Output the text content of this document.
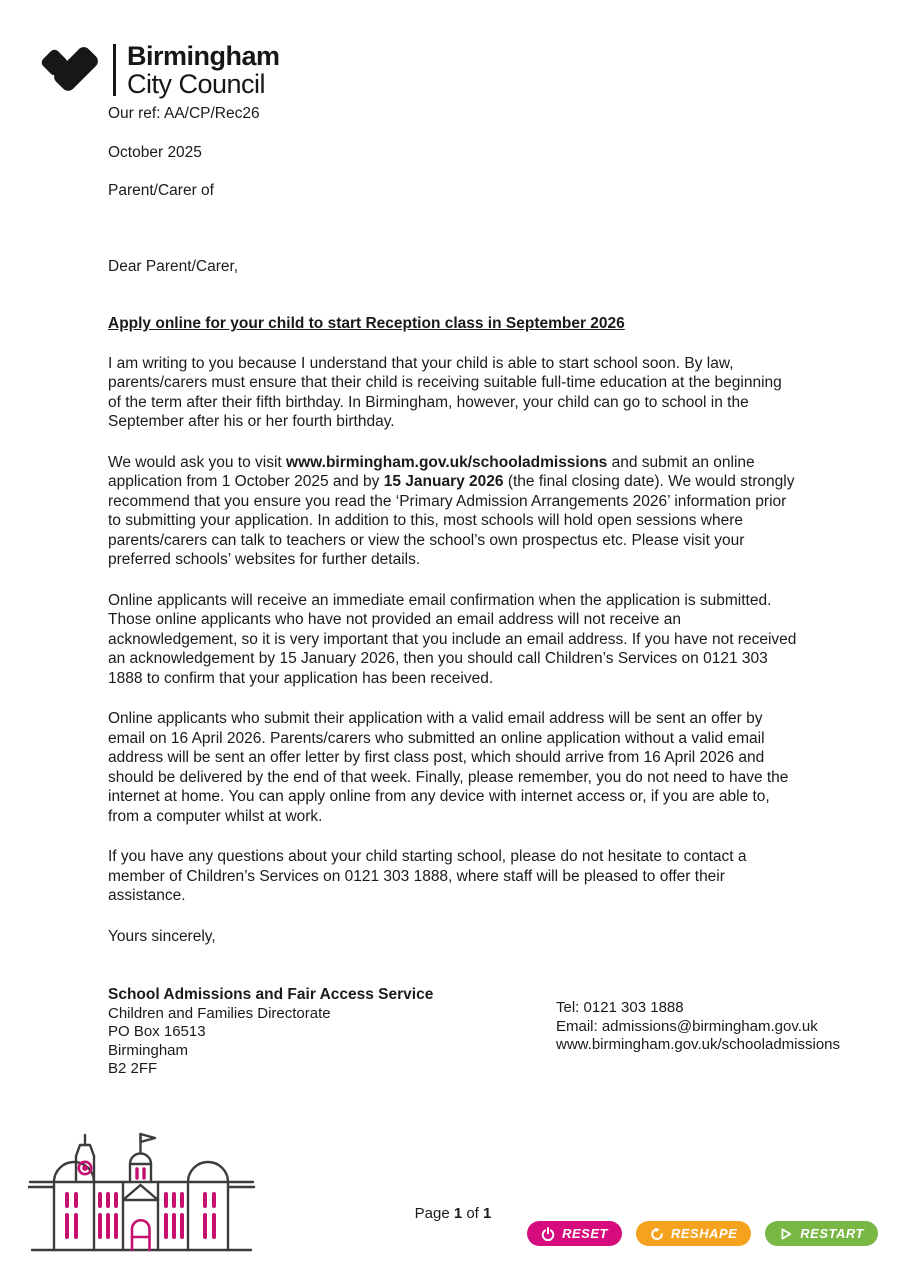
Birmingham
City Council

Our ref: AA/CP/Rec26

October 2025

Parent/Carer of

Dear Parent/Carer,

Apply online for your child to start Reception class in September 2026

I am writing to you because I understand that your child is able to start school soon. By law, parents/carers must ensure that their child is receiving suitable full-time education at the beginning of the term after their fifth birthday. In Birmingham, however, your child can go to school in the September after his or her fourth birthday.

We would ask you to visit www.birmingham.gov.uk/schooladmissions and submit an online application from 1 October 2025 and by 15 January 2026 (the final closing date). We would strongly recommend that you ensure you read the ‘Primary Admission Arrangements 2026’ information prior to submitting your application. In addition to this, most schools will hold open sessions where parents/carers can talk to teachers or view the school’s own prospectus etc. Please visit your preferred schools’ websites for further details.

Online applicants will receive an immediate email confirmation when the application is submitted. Those online applicants who have not provided an email address will not receive an acknowledgement, so it is very important that you include an email address. If you have not received an acknowledgement by 15 January 2026, then you should call Children’s Services on 0121 303 1888 to confirm that your application has been received.

Online applicants who submit their application with a valid email address will be sent an offer by email on 16 April 2026. Parents/carers who submitted an online application without a valid email address will be sent an offer letter by first class post, which should arrive from 16 April 2026 and should be delivered by the end of that week. Finally, please remember, you do not need to have the internet at home. You can apply online from any device with internet access or, if you are able to, from a computer whilst at work.

If you have any questions about your child starting school, please do not hesitate to contact a member of Children’s Services on 0121 303 1888, where staff will be pleased to offer their assistance.

Yours sincerely,

School Admissions and Fair Access Service
Children and Families Directorate
PO Box 16513
Birmingham
B2 2FF
Tel: 0121 303 1888
Email: admissions@birmingham.gov.uk
www.birmingham.gov.uk/schooladmissions
Page 1 of 1
RESET	RESHAPE	RESTART
